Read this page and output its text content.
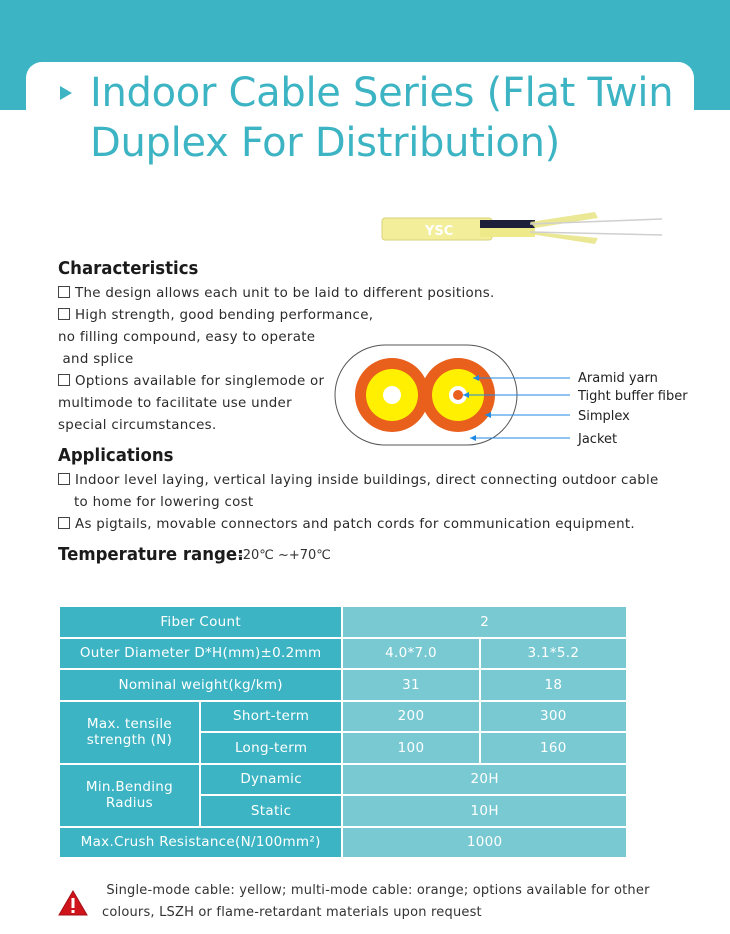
Indoor Cable Series (Flat Twin
Duplex For Distribution)
YSC
Characteristics
The design allows each unit to be laid to different positions.
High strength, good bending performance,
no filling compound, easy to operate
and splice
Options available for singlemode or
multimode to facilitate use under
special circumstances.
Aramid yarn
Tight buffer fiber
Simplex
Jacket
Applications
Indoor level laying, vertical laying inside buildings, direct connecting outdoor cable
to home for lowering cost
As pigtails, movable connectors and patch cords for communication equipment.
Temperature range:
-20℃ ~+70℃
Fiber Count		2	
Outer Diameter D*H(mm)±0.2mm		4.0*7.0	3.1*5.2
Nominal weight(kg/km)		31	18
Max. tensile strength (N)	Short-term	200	300
	Long-term	100	160
Min.Bending Radius	Dynamic	20H	
	Static	10H	
Max.Crush Resistance(N/100mm²)		1000	
Single-mode cable: yellow; multi-mode cable: orange; options available for other
colours, LSZH or flame-retardant materials upon request
